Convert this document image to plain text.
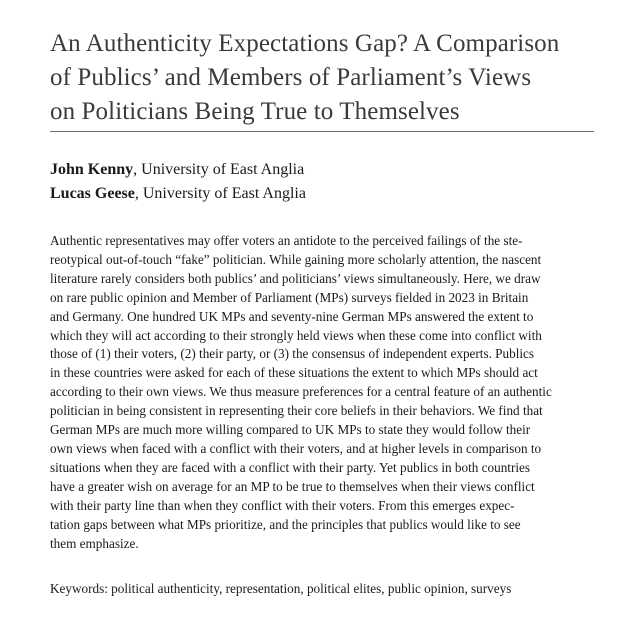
An Authenticity Expectations Gap? A Comparison
of Publics’ and Members of Parliament’s Views
on Politicians Being True to Themselves
John Kenny, University of East Anglia
Lucas Geese, University of East Anglia
Authentic representatives may offer voters an antidote to the perceived failings of the ste-
reotypical out-of-touch “fake” politician. While gaining more scholarly attention, the nascent
literature rarely considers both publics’ and politicians’ views simultaneously. Here, we draw
on rare public opinion and Member of Parliament (MPs) surveys fielded in 2023 in Britain
and Germany. One hundred UK MPs and seventy-nine German MPs answered the extent to
which they will act according to their strongly held views when these come into conflict with
those of (1) their voters, (2) their party, or (3) the consensus of independent experts. Publics
in these countries were asked for each of these situations the extent to which MPs should act
according to their own views. We thus measure preferences for a central feature of an authentic
politician in being consistent in representing their core beliefs in their behaviors. We find that
German MPs are much more willing compared to UK MPs to state they would follow their
own views when faced with a conflict with their voters, and at higher levels in comparison to
situations when they are faced with a conflict with their party. Yet publics in both countries
have a greater wish on average for an MP to be true to themselves when their views conflict
with their party line than when they conflict with their voters. From this emerges expec-
tation gaps between what MPs prioritize, and the principles that publics would like to see
them emphasize.
Keywords: political authenticity, representation, political elites, public opinion, surveys
